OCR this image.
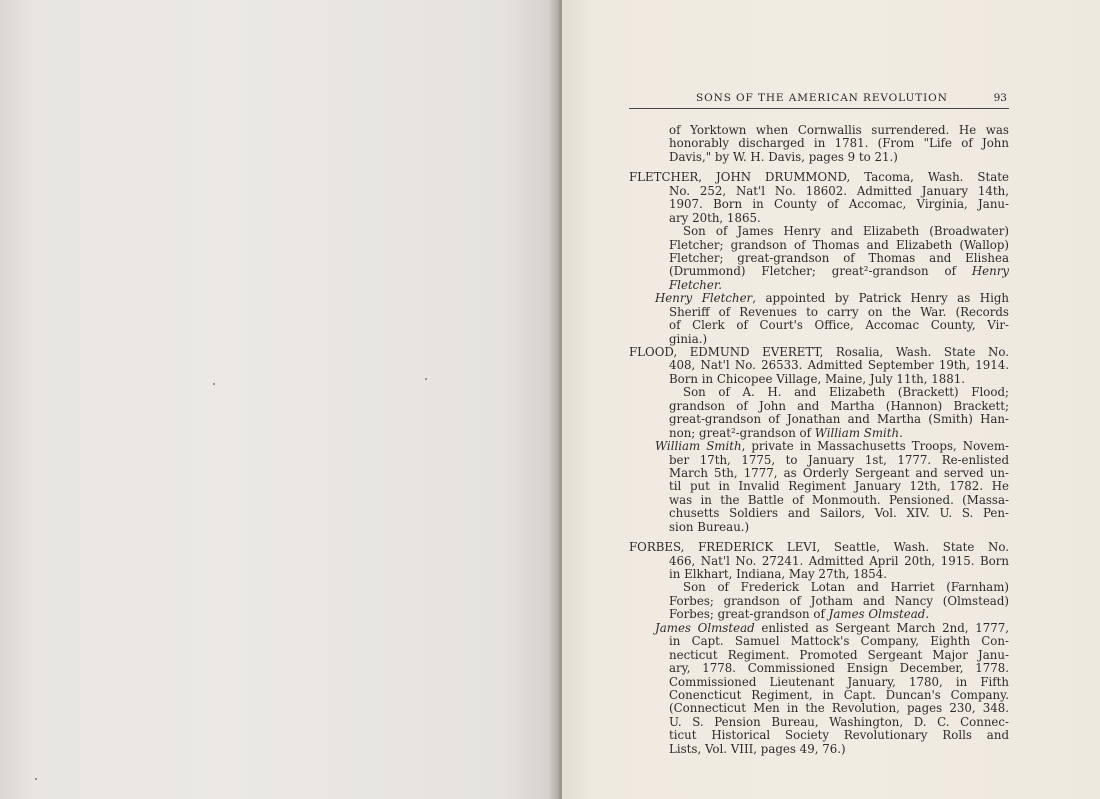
SONS OF THE AMERICAN REVOLUTION	93
of Yorktown when Cornwallis surrendered. He was
honorably discharged in 1781. (From "Life of John
Davis," by W. H. Davis, pages 9 to 21.)
FLETCHER, JOHN DRUMMOND, Tacoma, Wash. State
No. 252, Nat'l No. 18602. Admitted January 14th,
1907. Born in County of Accomac, Virginia, Janu-
ary 20th, 1865.
Son of James Henry and Elizabeth (Broadwater)
Fletcher; grandson of Thomas and Elizabeth (Wallop)
Fletcher; great-grandson of Thomas and Elishea
(Drummond) Fletcher; great²-grandson of Henry
Fletcher.
Henry Fletcher, appointed by Patrick Henry as High
Sheriff of Revenues to carry on the War. (Records
of Clerk of Court's Office, Accomac County, Vir-
ginia.)
FLOOD, EDMUND EVERETT, Rosalia, Wash. State No.
408, Nat'l No. 26533. Admitted September 19th, 1914.
Born in Chicopee Village, Maine, July 11th, 1881.
Son of A. H. and Elizabeth (Brackett) Flood;
grandson of John and Martha (Hannon) Brackett;
great-grandson of Jonathan and Martha (Smith) Han-
non; great²-grandson of William Smith.
William Smith, private in Massachusetts Troops, Novem-
ber 17th, 1775, to January 1st, 1777. Re-enlisted
March 5th, 1777, as Orderly Sergeant and served un-
til put in Invalid Regiment January 12th, 1782. He
was in the Battle of Monmouth. Pensioned. (Massa-
chusetts Soldiers and Sailors, Vol. XIV. U. S. Pen-
sion Bureau.)
FORBES, FREDERICK LEVI, Seattle, Wash. State No.
466, Nat'l No. 27241. Admitted April 20th, 1915. Born
in Elkhart, Indiana, May 27th, 1854.
Son of Frederick Lotan and Harriet (Farnham)
Forbes; grandson of Jotham and Nancy (Olmstead)
Forbes; great-grandson of James Olmstead.
James Olmstead enlisted as Sergeant March 2nd, 1777,
in Capt. Samuel Mattock's Company, Eighth Con-
necticut Regiment. Promoted Sergeant Major Janu-
ary, 1778. Commissioned Ensign December, 1778.
Commissioned Lieutenant January, 1780, in Fifth
Conencticut Regiment, in Capt. Duncan's Company.
(Connecticut Men in the Revolution, pages 230, 348.
U. S. Pension Bureau, Washington, D. C. Connec-
ticut Historical Society Revolutionary Rolls and
Lists, Vol. VIII, pages 49, 76.)
